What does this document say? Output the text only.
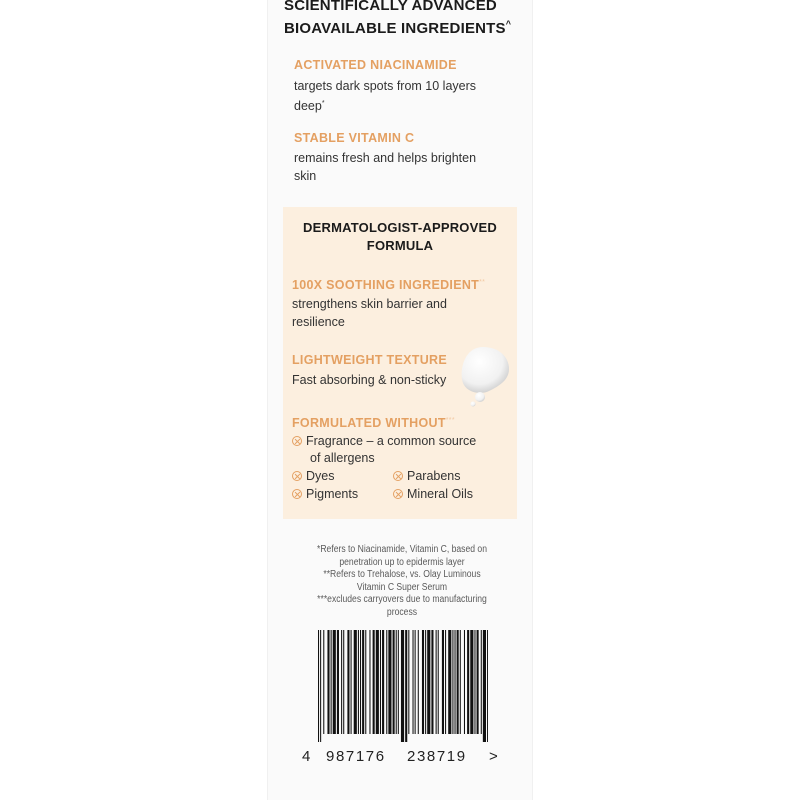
SCIENTIFICALLY ADVANCED
BIOAVAILABLE INGREDIENTS^
ACTIVATED NIACINAMIDE
targets dark spots from 10 layers
deep*
STABLE VITAMIN C
remains fresh and helps brighten
skin
DERMATOLOGIST-APPROVED
FORMULA
100X SOOTHING INGREDIENT**
strengthens skin barrier and
resilience
LIGHTWEIGHT TEXTURE
Fast absorbing & non-sticky
FORMULATED WITHOUT***
Fragrance – a common source
of allergens
Dyes	Parabens
Pigments	Mineral Oils
*Refers to Niacinamide, Vitamin C, based on
penetration up to epidermis layer
**Refers to Trehalose, vs. Olay Luminous
Vitamin C Super Serum
***excludes carryovers due to manufacturing process
4 987176 238719 >
